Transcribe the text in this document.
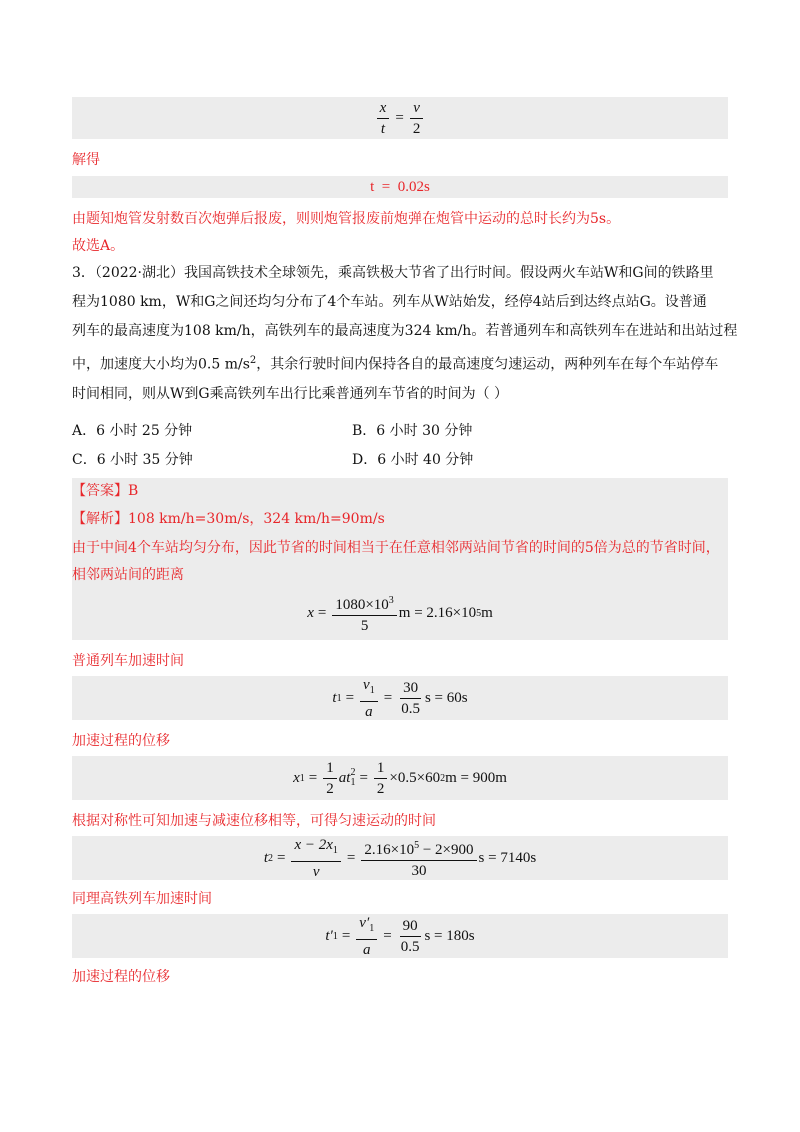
$\frac{x}{t} = \frac{v}{2}$
解得
t  =  0.02s
由题知炮管发射数百次炮弹后报废，则则炮管报废前炮弹在炮管中运动的总时长约为5s。
故选A。
3．（2022·湖北）我国高铁技术全球领先，乘高铁极大节省了出行时间。假设两火车站W和G间的铁路里
程为1080 km，W和G之间还均匀分布了4个车站。列车从W站始发，经停4站后到达终点站G。设普通
列车的最高速度为108 km/h，高铁列车的最高速度为324 km/h。若普通列车和高铁列车在进站和出站过程
中，加速度大小均为0.5 $m/s^2$，其余行驶时间内保持各自的最高速度匀速运动，两种列车在每个车站停车
时间相同，则从W到G乘高铁列车出行比乘普通列车节省的时间为（ ）
A．6 小时 25 分钟	B．6 小时 30 分钟
C．6 小时 35 分钟	D．6 小时 40 分钟
【答案】B
【解析】108 km/h=30m/s，324 km/h=90m/s
由于中间4个车站均匀分布，因此节省的时间相当于在任意相邻两站间节省的时间的5倍为总的节省时间，
相邻两站间的距离
$x = \frac{1080\times 10^3}{5}$ m = 2.16×10 5 m
普通列车加速时间
t $1 = \frac{v_1}{a} = \frac{30}{0.5}$ s = 60s
加速过程的位移
x $1 = \frac{1}{2}$ at 2
$1 = \frac{1}{2} \times 0.5\times 60$ 2 m = 900m
根据对称性可知加速与减速位移相等，可得匀速运动的时间
t $2 = \frac{x - 2x_1}{v} = \frac{2.16\times 10^5 - 2\times 900}{30}$ s = 7140s
同理高铁列车加速时间
t′ $1 = \frac{v'_1}{a} = \frac{90}{0.5}$ s = 180s
加速过程的位移
